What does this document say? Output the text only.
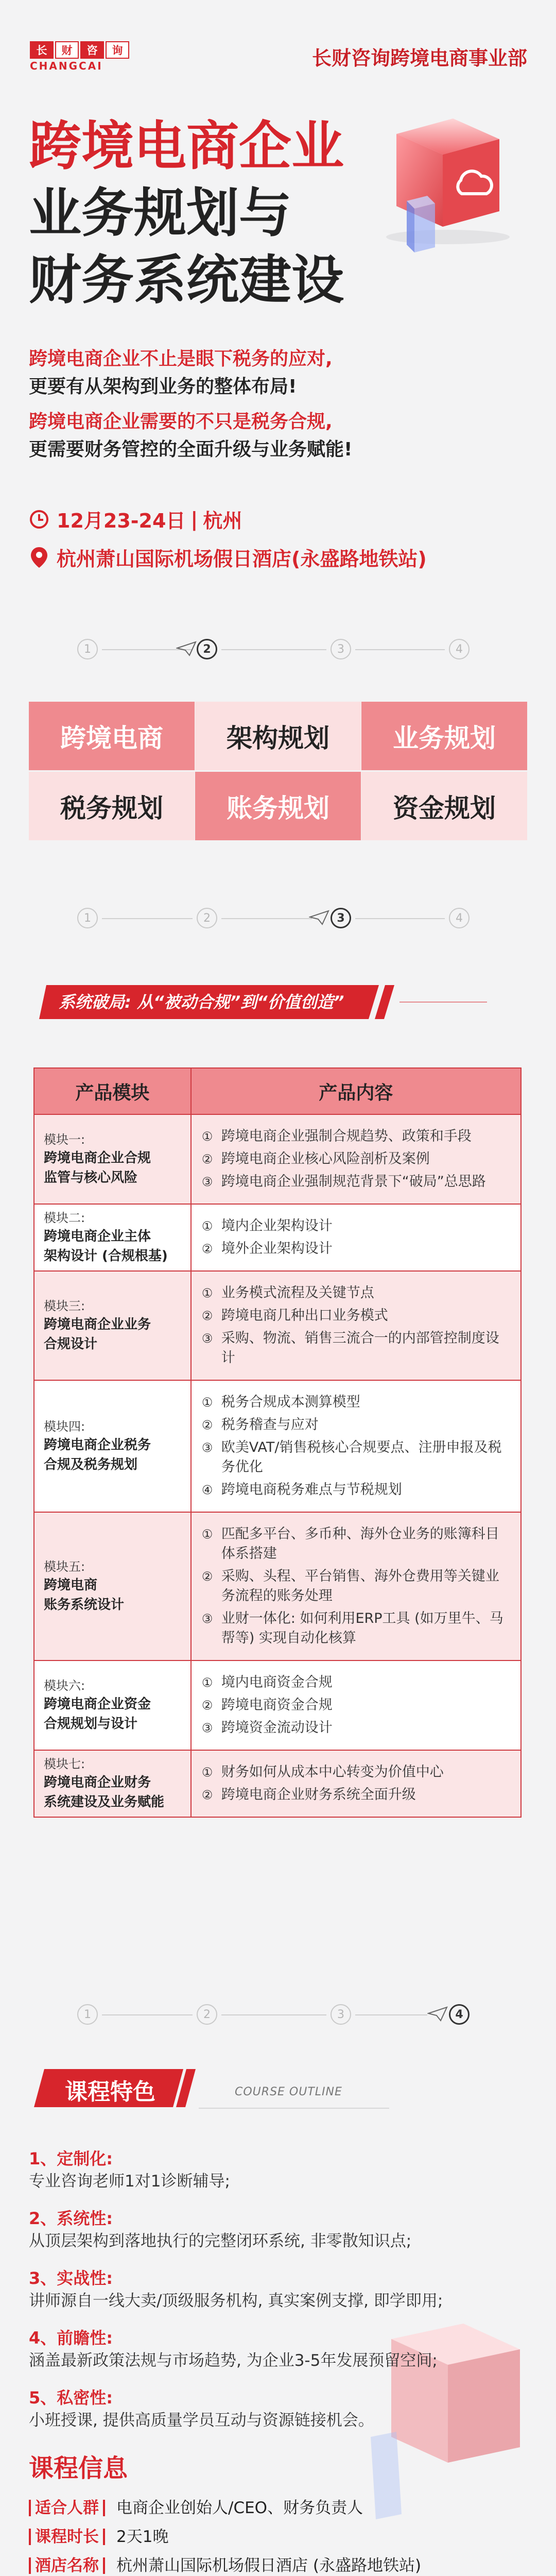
长	财	咨	询
CHANGCAI	长财咨询跨境电商事业部
跨境电商企业
业务规划与
财务系统建设

跨境电商企业不止是眼下税务的应对,
更要有从架构到业务的整体布局!

跨境电商企业需要的不只是税务合规,
更需要财务管控的全面升级与业务赋能!

12月23-24日 | 杭州
杭州萧山国际机场假日酒店(永盛路地铁站)
1	2	3	4
跨境电商 架构规划 业务规划
税务规划 账务规划 资金规划
1	2	3	4
系统破局: 从“被动合规”到“价值创造”
产品模块	产品内容
模块一:
跨境电商企业合规
监管与核心风险
① 跨境电商企业强制合规趋势、政策和手段
② 跨境电商企业核心风险剖析及案例
③ 跨境电商企业强制规范背景下“破局”总思路
模块二:
跨境电商企业主体
架构设计 (合规根基)
① 境内企业架构设计
② 境外企业架构设计
模块三:
跨境电商企业业务
合规设计
① 业务模式流程及关键节点
② 跨境电商几种出口业务模式
③ 采购、物流、销售三流合一的内部管控制度设计
模块四:
跨境电商企业税务
合规及税务规划
① 税务合规成本测算模型
② 税务稽查与应对
③ 欧美VAT/销售税核心合规要点、注册申报及税务优化
④ 跨境电商税务难点与节税规划
模块五:
跨境电商
账务系统设计
① 匹配多平台、多币种、海外仓业务的账簿科目体系搭建
② 采购、头程、平台销售、海外仓费用等关键业务流程的账务处理
③ 业财一体化: 如何利用ERP工具 (如万里牛、马帮等) 实现自动化核算
模块六:
跨境电商企业资金
合规规划与设计
① 境内电商资金合规
② 跨境电商资金合规
③ 跨境资金流动设计
模块七:
跨境电商企业财务
系统建设及业务赋能
① 财务如何从成本中心转变为价值中心
② 跨境电商企业财务系统全面升级
1	2	3	4
课程特色	COURSE OUTLINE
1、定制化:
专业咨询老师1对1诊断辅导;
2、系统性:
从顶层架构到落地执行的完整闭环系统, 非零散知识点;
3、实战性:
讲师源自一线大卖/顶级服务机构, 真实案例支撑, 即学即用;
4、前瞻性:
涵盖最新政策法规与市场趋势, 为企业3-5年发展预留空间;
5、私密性:
小班授课, 提供高质量学员互动与资源链接机会。
课程信息
适合人群 电商企业创始人/CEO、财务负责人
课程时长 2天1晚
酒店名称 杭州萧山国际机场假日酒店 (永盛路地铁站)
